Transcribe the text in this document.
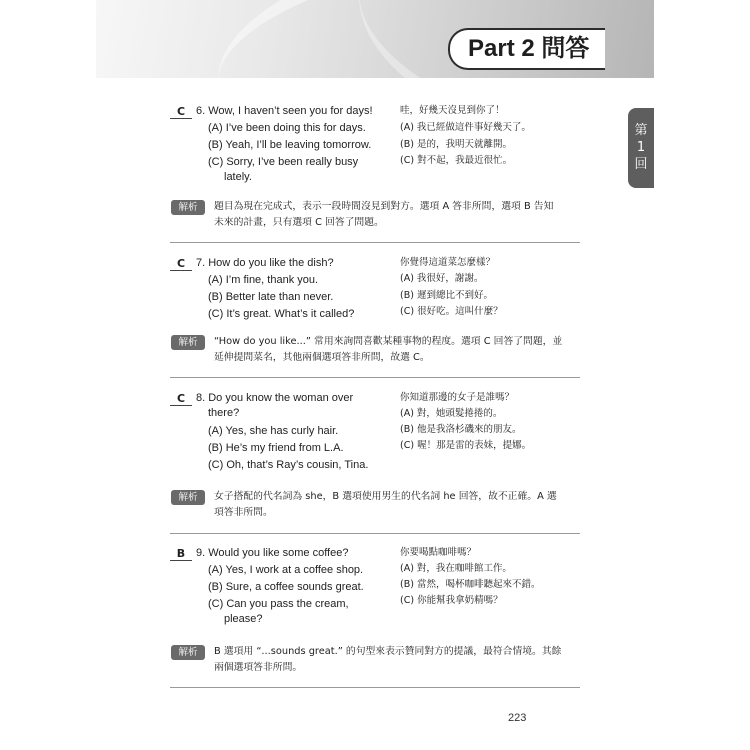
Part 2 問答
第
1
回
C 6. Wow, I haven’t seen you for days!
(A) I’ve been doing this for days.
(B) Yeah, I’ll be leaving tomorrow.
(C) Sorry, I’ve been really busy
lately.
哇，好幾天沒見到你了！
(A) 我已經做這件事好幾天了。
(B) 是的，我明天就離開。
(C) 對不起，我最近很忙。
解析	題目為現在完成式，表示一段時間沒見到對方。選項 A 答非所問，選項 B 告知
未來的計畫，只有選項 C 回答了問題。
C 7. How do you like the dish?
(A) I’m fine, thank you.
(B) Better late than never.
(C) It’s great. What’s it called?
你覺得這道菜怎麼樣？
(A) 我很好，謝謝。
(B) 遲到總比不到好。
(C) 很好吃。這叫什麼？
解析	“How do you like...” 常用來詢問喜歡某種事物的程度。選項 C 回答了問題，並
延伸提問菜名，其他兩個選項答非所問，故選 C。
C 8. Do you know the woman over
there?
(A) Yes, she has curly hair.
(B) He’s my friend from L.A.
(C) Oh, that’s Ray’s cousin, Tina.
你知道那邊的女子是誰嗎？
(A) 對，她頭髮捲捲的。
(B) 他是我洛杉磯來的朋友。
(C) 喔！那是雷的表妹，提娜。
解析	女子搭配的代名詞為 she，B 選項使用男生的代名詞 he 回答，故不正確。A 選
項答非所問。
B 9. Would you like some coffee?
(A) Yes, I work at a coffee shop.
(B) Sure, a coffee sounds great.
(C) Can you pass the cream,
please?
你要喝點咖啡嗎？
(A) 對，我在咖啡館工作。
(B) 當然，喝杯咖啡聽起來不錯。
(C) 你能幫我拿奶精嗎？
解析	B 選項用 “...sounds great.” 的句型來表示贊同對方的提議，最符合情境。其餘
兩個選項答非所問。
223
